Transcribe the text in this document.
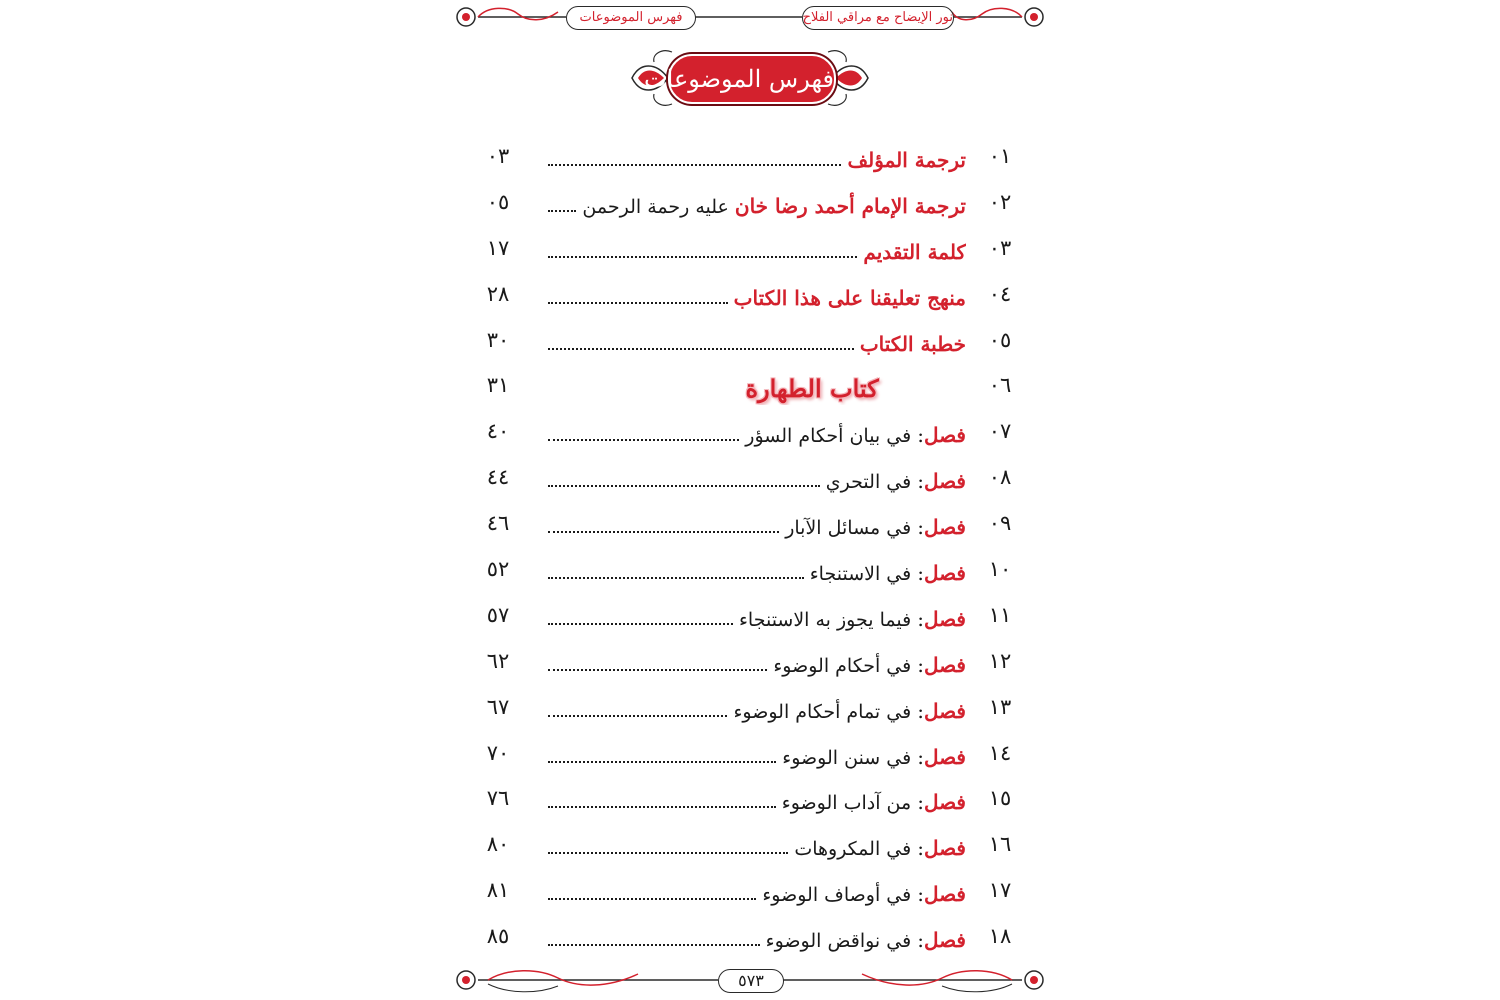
نور الإيضاح مع مراقي الفلاح
فهرس الموضوعات
فهرس الموضوعات
٠١
ترجمة المؤلف
٠٣
٠٢
ترجمة الإمام أحمد رضا خان
عليه رحمة الرحمن
٠٥
٠٣
كلمة التقديم
١٧
٠٤
منهج تعليقنا على هذا الكتاب
٢٨
٠٥
خطبة الكتاب
٣٠
٠٦
كتاب الطهارة
٣١
٠٧
فصل
:
في بيان أحكام السؤر
٤٠
٠٨
فصل
:
في التحري
٤٤
٠٩
فصل
:
في مسائل الآبار
٤٦
١٠
فصل
:
في الاستنجاء
٥٢
١١
فصل
:
فيما يجوز به الاستنجاء
٥٧
١٢
فصل
:
في أحكام الوضوء
٦٢
١٣
فصل
:
في تمام أحكام الوضوء
٦٧
١٤
فصل
:
في سنن الوضوء
٧٠
١٥
فصل
:
من آداب الوضوء
٧٦
١٦
فصل
:
في المكروهات
٨٠
١٧
فصل
:
في أوصاف الوضوء
٨١
١٨
فصل
:
في نواقض الوضوء
٨٥
٥٧٣
